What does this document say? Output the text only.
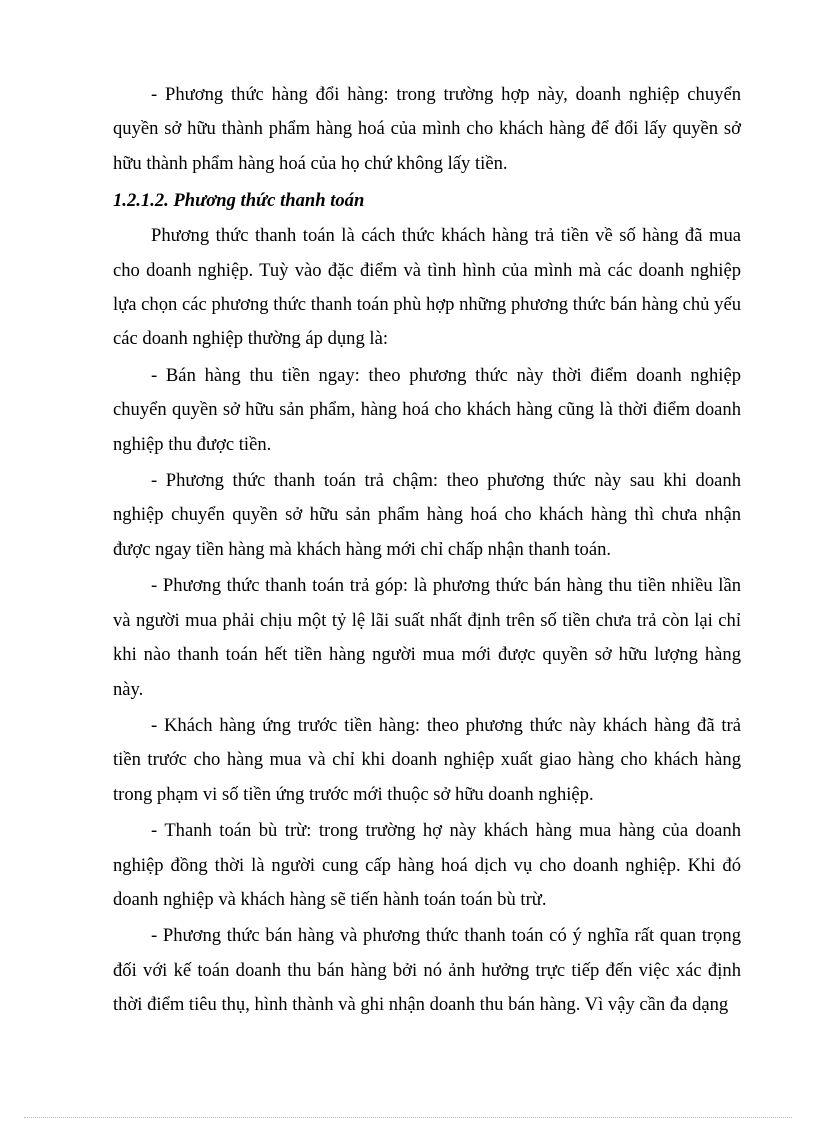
- Phương thức hàng đổi hàng: trong trường hợp này, doanh nghiệp chuyển quyền sở hữu thành phẩm hàng hoá của mình cho khách hàng để đổi lấy quyền sở hữu thành phẩm hàng hoá của họ chứ không lấy tiền.

1.2.1.2. Phương thức thanh toán

Phương thức thanh toán là cách thức khách hàng trả tiền về số hàng đã mua cho doanh nghiệp. Tuỳ vào đặc điểm và tình hình của mình mà các doanh nghiệp lựa chọn các phương thức thanh toán phù hợp những phương thức bán hàng chủ yếu các doanh nghiệp thường áp dụng là:

- Bán hàng thu tiền ngay: theo phương thức này thời điểm doanh nghiệp chuyển quyền sở hữu sản phẩm, hàng hoá cho khách hàng cũng là thời điểm doanh nghiệp thu được tiền.

- Phương thức thanh toán trả chậm: theo phương thức này sau khi doanh nghiệp chuyển quyền sở hữu sản phẩm hàng hoá cho khách hàng thì chưa nhận được ngay tiền hàng mà khách hàng mới chỉ chấp nhận thanh toán.

- Phương thức thanh toán trả góp: là phương thức bán hàng thu tiền nhiều lần và người mua phải chịu một tỷ lệ lãi suất nhất định trên số tiền chưa trả còn lại chỉ khi nào thanh toán hết tiền hàng người mua mới được quyền sở hữu lượng hàng này.

- Khách hàng ứng trước tiền hàng: theo phương thức này khách hàng đã trả tiền trước cho hàng mua và chỉ khi doanh nghiệp xuất giao hàng cho khách hàng trong phạm vi số tiền ứng trước mới thuộc sở hữu doanh nghiệp.

- Thanh toán bù trừ: trong trường hợ này khách hàng mua hàng của doanh nghiệp đồng thời là người cung cấp hàng hoá dịch vụ cho doanh nghiệp. Khi đó doanh nghiệp và khách hàng sẽ tiến hành toán toán bù trừ.

- Phương thức bán hàng và phương thức thanh toán có ý nghĩa rất quan trọng đối với kế toán doanh thu bán hàng bởi nó ảnh hưởng trực tiếp đến việc xác định thời điểm tiêu thụ, hình thành và ghi nhận doanh thu bán hàng. Vì vậy cần đa dạng
